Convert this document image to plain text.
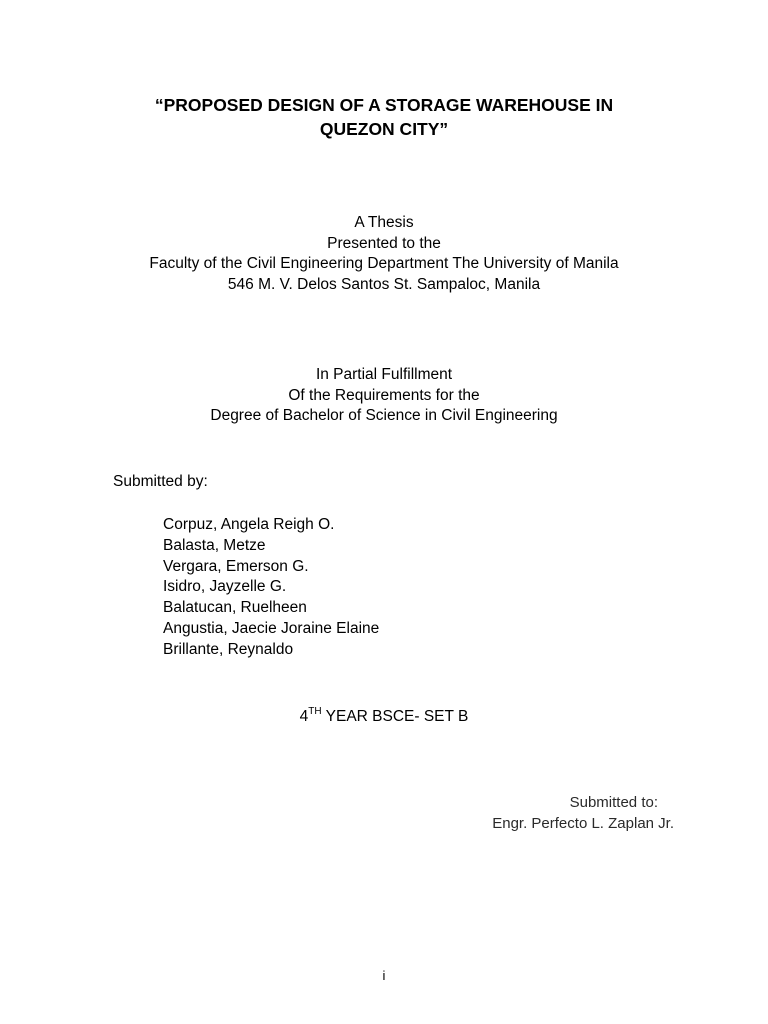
“PROPOSED DESIGN OF A STORAGE WAREHOUSE IN
QUEZON CITY”
A Thesis
Presented to the
Faculty of the Civil Engineering Department The University of Manila
546 M. V. Delos Santos St. Sampaloc, Manila
In Partial Fulfillment
Of the Requirements for the
Degree of Bachelor of Science in Civil Engineering
Submitted by:
Corpuz, Angela Reigh O.
Balasta, Metze
Vergara, Emerson G.
Isidro, Jayzelle G.
Balatucan, Ruelheen
Angustia, Jaecie Joraine Elaine
Brillante, Reynaldo
4TH YEAR BSCE- SET B
Submitted to:
Engr. Perfecto L. Zaplan Jr.
i
